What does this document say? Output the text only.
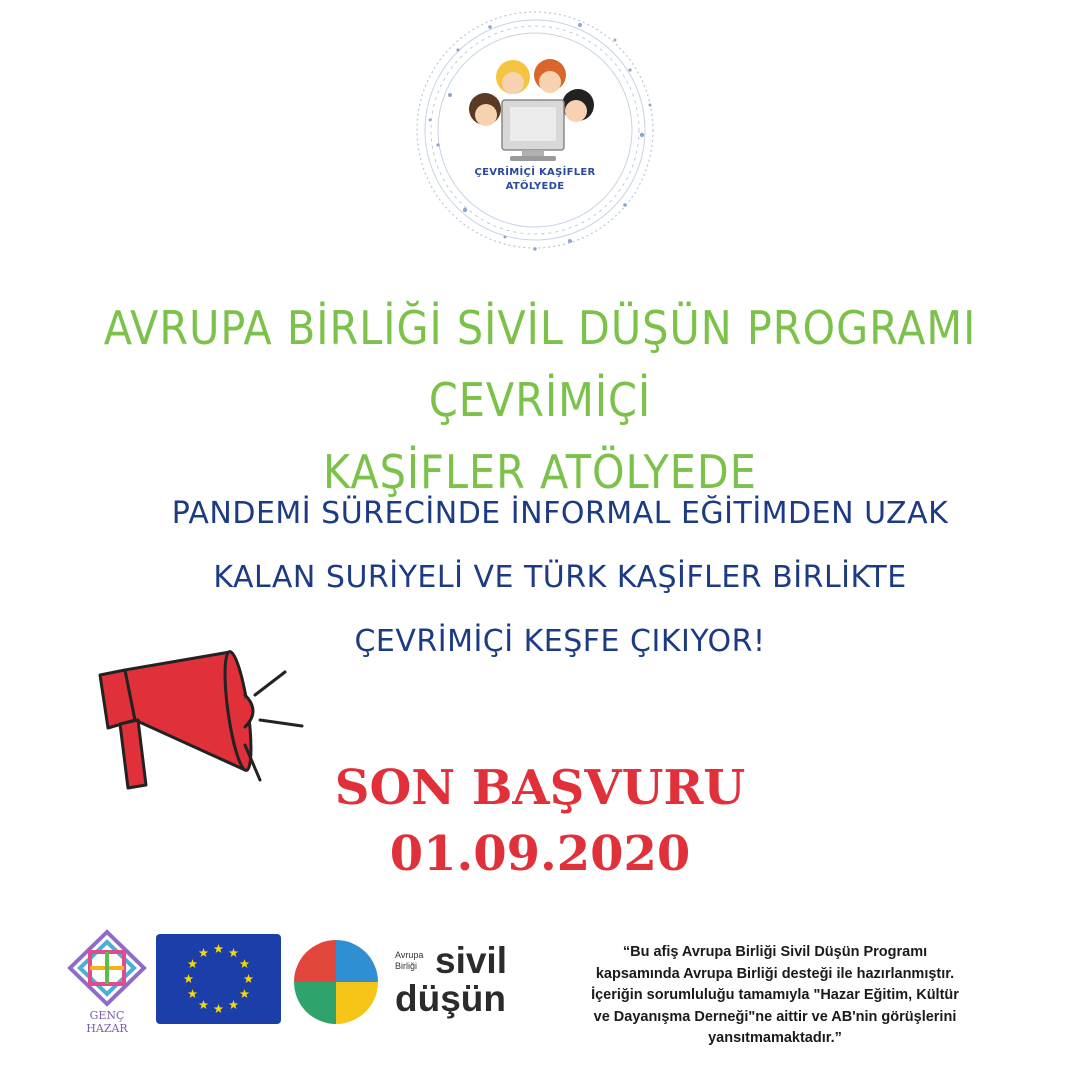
ÇEVRİMİÇİ KAŞİFLER
ATÖLYEDE
AVRUPA BİRLİĞİ SİVİL DÜŞÜN PROGRAMI ÇEVRİMİÇİ
KAŞİFLER ATÖLYEDE
PANDEMİ SÜRECİNDE İNFORMAL EĞİTİMDEN UZAK
KALAN SURİYELİ VE TÜRK KAŞİFLER BİRLİKTE
ÇEVRİMİÇİ KEŞFE ÇIKIYOR!
SON BAŞVURU
01.09.2020
GENÇ
HAZAR
Avrupa
Birliği sivil
düşün
“Bu afiş Avrupa Birliği Sivil Düşün Programı
kapsamında Avrupa Birliği desteği ile hazırlanmıştır.
İçeriğin sorumluluğu tamamıyla "Hazar Eğitim, Kültür
ve Dayanışma Derneği"ne aittir ve AB'nin görüşlerini
yansıtmamaktadır.”
